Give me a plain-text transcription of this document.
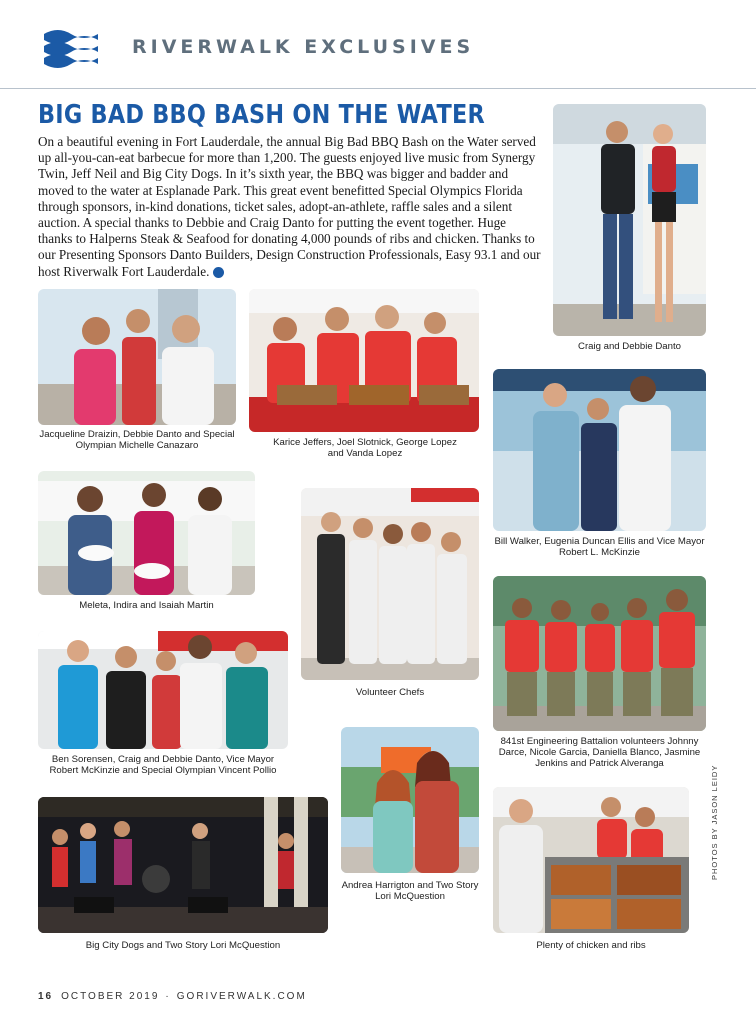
RIVERWALK EXCLUSIVES
BIG BAD BBQ BASH ON THE WATER
On a beautiful evening in Fort Lauderdale, the annual Big Bad BBQ Bash on the Water served up all-you-can-eat barbecue for more than 1,200. The guests enjoyed live music from Synergy Twin, Jeff Neil and Big City Dogs. In it’s sixth year, the BBQ was bigger and badder and moved to the water at Esplanade Park. This great event benefitted Special Olympics Florida through sponsors, in-kind donations, ticket sales, adopt-an-athlete, raffle sales and a silent auction. A special thanks to Debbie and Craig Danto for putting the event together. Huge thanks to Halperns Steak & Seafood for donating 4,000 pounds of ribs and chicken. Thanks to our Presenting Sponsors Danto Builders, Design Construction Professionals, Easy 93.1 and our host Riverwalk Fort Lauderdale.
Craig and Debbie Danto
Jacqueline Draizin, Debbie Danto and Special Olympian Michelle Canazaro	Karice Jeffers, Joel Slotnick, George Lopez and Vanda Lopez
Bill Walker, Eugenia Duncan Ellis and Vice Mayor Robert L. McKinzie
Meleta, Indira and Isaiah Martin
Volunteer Chefs
841st Engineering Battalion volunteers Johnny Darce, Nicole Garcia, Daniella Blanco, Jasmine Jenkins and Patrick Alveranga
Ben Sorensen, Craig and Debbie Danto, Vice Mayor Robert McKinzie and Special Olympian Vincent Pollio
Andrea Harrigton and Two Story Lori McQuestion
Big City Dogs and Two Story Lori McQuestion	Plenty of chicken and ribs
PHOTOS BY JASON LEIDY
16 OCTOBER 2019 · GORIVERWALK.COM
